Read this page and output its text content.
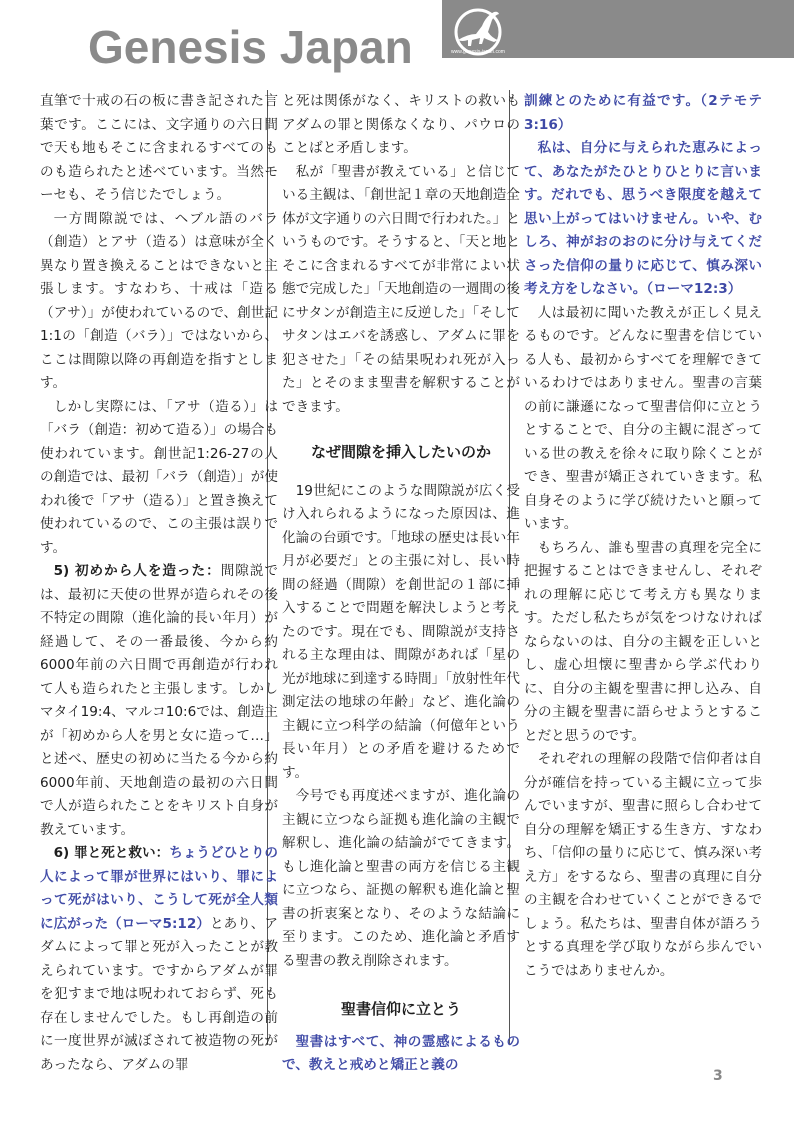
www.genesis-japan.com
Genesis Japan

直筆で十戒の石の板に書き記された言葉です。ここには、文字通りの六日間で天も地もそこに含まれるすべてのものも造られたと述べています。当然モーセも、そう信じたでしょう。

一方間隙説では、ヘブル語のバラ（創造）とアサ（造る）は意味が全く異なり置き換えることはできないと主張します。すなわち、十戒は「造る（アサ）」が使われているので、創世記1:1の「創造（バラ）」ではないから、ここは間隙以降の再創造を指すとします。

しかし実際には、「アサ（造る）」は「バラ（創造：初めて造る）」の場合も使われています。創世記1:26-27の人の創造では、最初「バラ（創造）」が使われ後で「アサ（造る）」と置き換えて使われているので、この主張は誤りです。

5) 初めから人を造った：間隙説では、最初に天使の世界が造られその後不特定の間隙（進化論的長い年月）が経過して、その一番最後、今から約6000年前の六日間で再創造が行われて人も造られたと主張します。しかしマタイ19:4、マルコ10:6では、創造主が「初めから人を男と女に造って…」と述べ、歴史の初めに当たる今から約6000年前、天地創造の最初の六日間で人が造られたことをキリスト自身が教えています。

6) 罪と死と救い：ちょうどひとりの人によって罪が世界にはいり、罪によって死がはいり、こうして死が全人類に広がった（ローマ5:12）とあり、アダムによって罪と死が入ったことが教えられています。ですからアダムが罪を犯すまで地は呪われておらず、死も存在しませんでした。もし再創造の前に一度世界が滅ぼされて被造物の死があったなら、アダムの罪

と死は関係がなく、キリストの救いもアダムの罪と関係なくなり、パウロのことばと矛盾します。

私が「聖書が教えている」と信じている主観は、「創世記１章の天地創造全体が文字通りの六日間で行われた。」というものです。そうすると、「天と地とそこに含まれるすべてが非常によい状態で完成した」「天地創造の一週間の後にサタンが創造主に反逆した」「そしてサタンはエバを誘惑し、アダムに罪を犯させた」「その結果呪われ死が入った」とそのまま聖書を解釈することができます。

なぜ間隙を挿入したいのか

19世紀にこのような間隙説が広く受け入れられるようになった原因は、進化論の台頭です。「地球の歴史は長い年月が必要だ」との主張に対し、長い時間の経過（間隙）を創世記の１部に挿入することで問題を解決しようと考えたのです。現在でも、間隙説が支持される主な理由は、間隙があれば「星の光が地球に到達する時間」「放射性年代測定法の地球の年齢」など、進化論の主観に立つ科学の結論（何億年という長い年月）との矛盾を避けるためです。

今号でも再度述べますが、進化論の主観に立つなら証拠も進化論の主観で解釈し、進化論の結論がでてきます。もし進化論と聖書の両方を信じる主観に立つなら、証拠の解釈も進化論と聖書の折衷案となり、そのような結論に至ります。このため、進化論と矛盾する聖書の教え削除されます。

聖書信仰に立とう

聖書はすべて、神の霊感によるもので、教えと戒めと矯正と義の

訓練とのために有益です。（2テモテ3:16）

私は、自分に与えられた恵みによって、あなたがたひとりひとりに言います。だれでも、思うべき限度を越えて思い上がってはいけません。いや、むしろ、神がおのおのに分け与えてくださった信仰の量りに応じて、慎み深い考え方をしなさい。（ローマ12:3）

人は最初に聞いた教えが正しく見えるものです。どんなに聖書を信じている人も、最初からすべてを理解できているわけではありません。聖書の言葉の前に謙遜になって聖書信仰に立とうとすることで、自分の主観に混ざっている世の教えを徐々に取り除くことができ、聖書が矯正されていきます。私自身そのように学び続けたいと願っています。

もちろん、誰も聖書の真理を完全に把握することはできませんし、それぞれの理解に応じて考え方も異なります。ただし私たちが気をつけなければならないのは、自分の主観を正しいとし、虚心坦懐に聖書から学ぶ代わりに、自分の主観を聖書に押し込み、自分の主観を聖書に語らせようとすることだと思うのです。

それぞれの理解の段階で信仰者は自分が確信を持っている主観に立って歩んでいますが、聖書に照らし合わせて自分の理解を矯正する生き方、すなわち、「信仰の量りに応じて、慎み深い考え方」をするなら、聖書の真理に自分の主観を合わせていくことができるでしょう。私たちは、聖書自体が語ろうとする真理を学び取りながら歩んでいこうではありませんか。

3
